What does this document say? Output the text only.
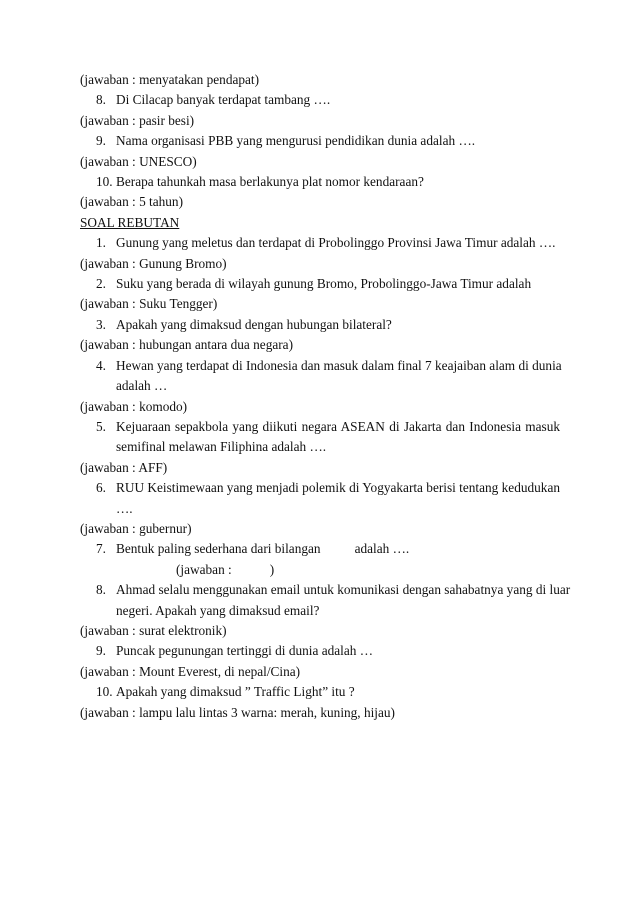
(jawaban : menyatakan pendapat)
8. Di Cilacap banyak terdapat tambang ….
(jawaban : pasir besi)
9. Nama organisasi PBB yang mengurusi pendidikan dunia adalah ….
(jawaban : UNESCO)
10. Berapa tahunkah masa berlakunya plat nomor kendaraan?
(jawaban : 5 tahun)
SOAL REBUTAN
1. Gunung yang meletus dan terdapat di Probolinggo Provinsi Jawa Timur adalah ….
(jawaban : Gunung Bromo)
2. Suku yang berada di wilayah gunung Bromo, Probolinggo-Jawa Timur adalah
(jawaban : Suku Tengger)
3. Apakah yang dimaksud dengan hubungan bilateral?
(jawaban : hubungan antara dua negara)
4. Hewan yang terdapat di Indonesia dan masuk dalam final 7 keajaiban alam di dunia
adalah …
(jawaban : komodo)
5. Kejuaraan sepakbola yang diikuti negara ASEAN di Jakarta dan Indonesia masuk
semifinal melawan Filiphina adalah ….
(jawaban : AFF)
6. RUU Keistimewaan yang menjadi polemik di Yogyakarta berisi tentang kedudukan
….
(jawaban : gubernur)
7. Bentuk paling sederhana dari bilangan	adalah ….
(jawaban :	)
8. Ahmad selalu menggunakan email untuk komunikasi dengan sahabatnya yang di luar
negeri. Apakah yang dimaksud email?
(jawaban : surat elektronik)
9. Puncak pegunungan tertinggi di dunia adalah …
(jawaban : Mount Everest, di nepal/Cina)
10. Apakah yang dimaksud ” Traffic Light” itu ?
(jawaban : lampu lalu lintas 3 warna: merah, kuning, hijau)
